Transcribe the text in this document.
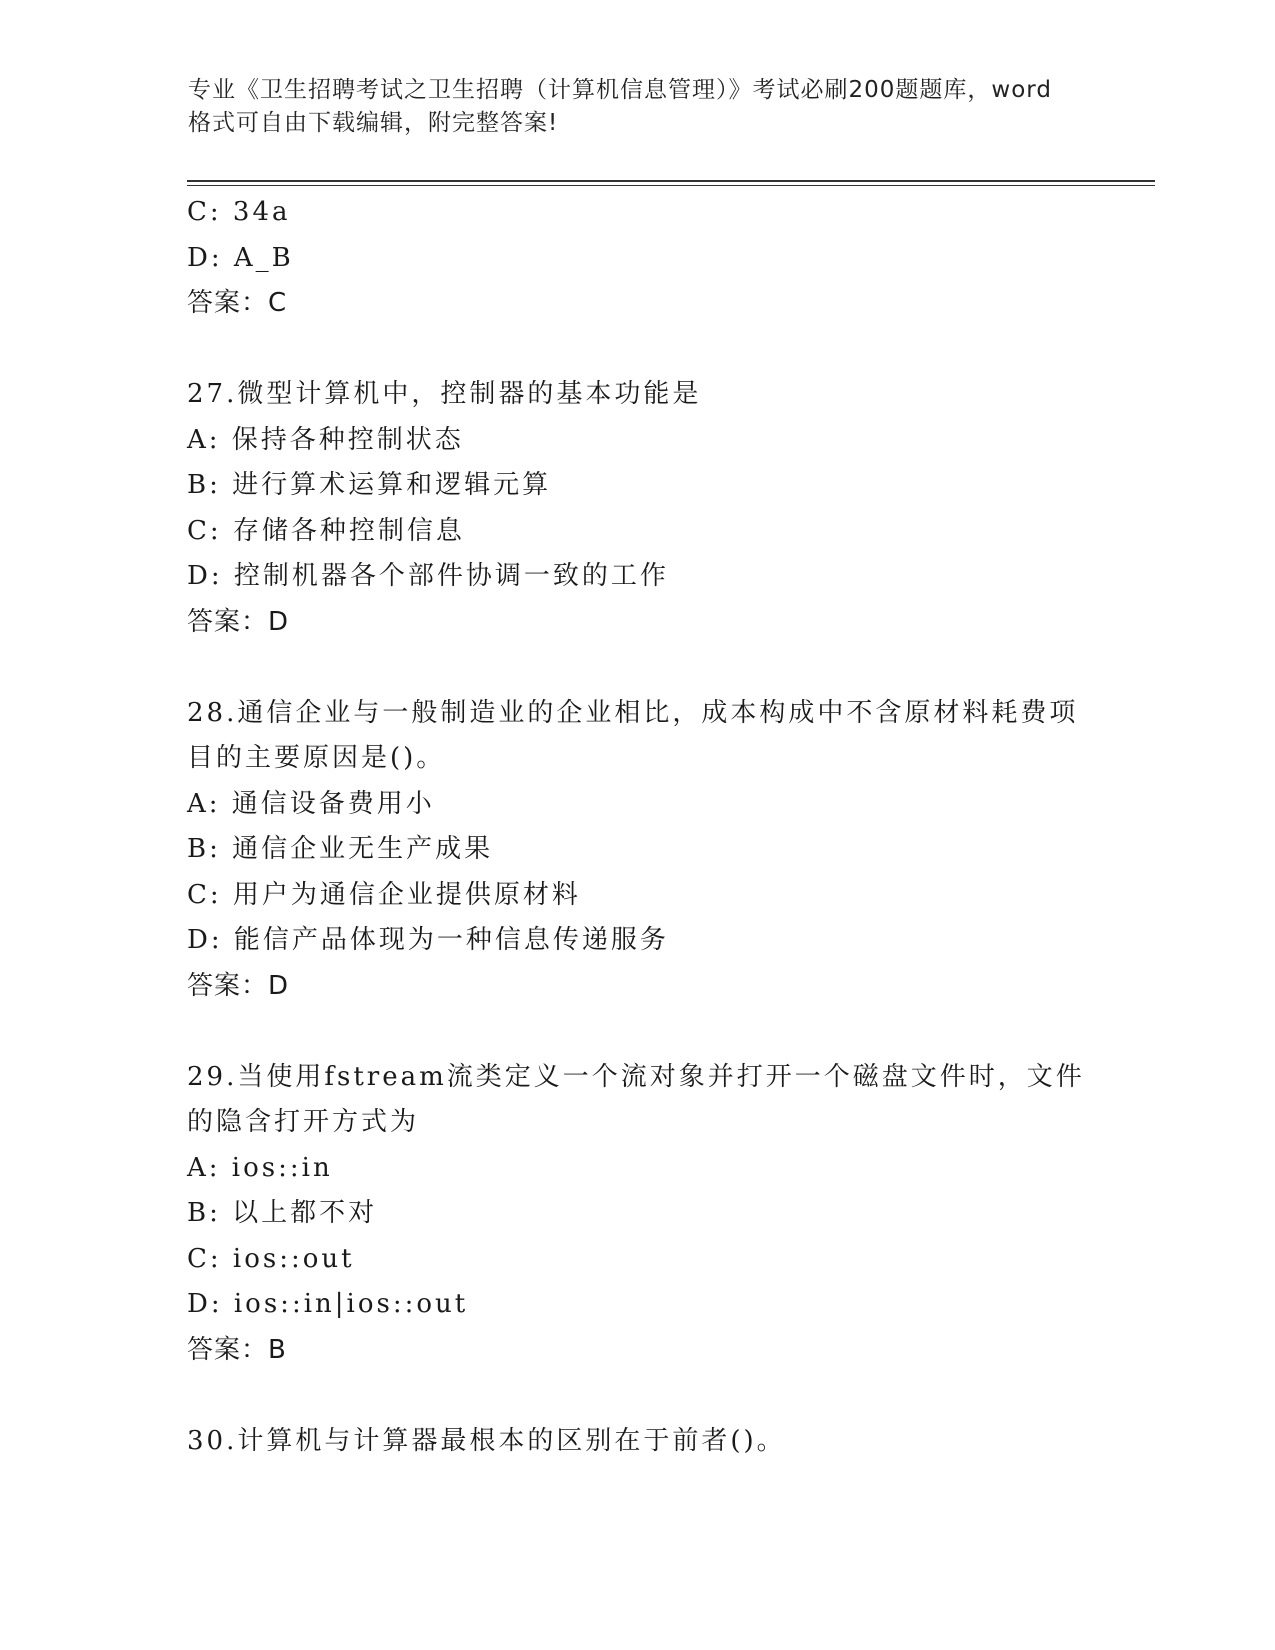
专业《卫生招聘考试之卫生招聘（计算机信息管理）》考试必刷200题题库，word
格式可自由下载编辑，附完整答案!
C: 34a
D: A_B
答案：C
27.微型计算机中，控制器的基本功能是
A: 保持各种控制状态
B: 进行算术运算和逻辑元算
C: 存储各种控制信息
D: 控制机器各个部件协调一致的工作
答案：D
28.通信企业与一般制造业的企业相比，成本构成中不含原材料耗费项
目的主要原因是()。
A: 通信设备费用小
B: 通信企业无生产成果
C: 用户为通信企业提供原材料
D: 能信产品体现为一种信息传递服务
答案：D
29.当使用fstream流类定义一个流对象并打开一个磁盘文件时，文件
的隐含打开方式为
A: ios::in
B: 以上都不对
C: ios::out
D: ios::in|ios::out
答案：B
30.计算机与计算器最根本的区别在于前者()。
